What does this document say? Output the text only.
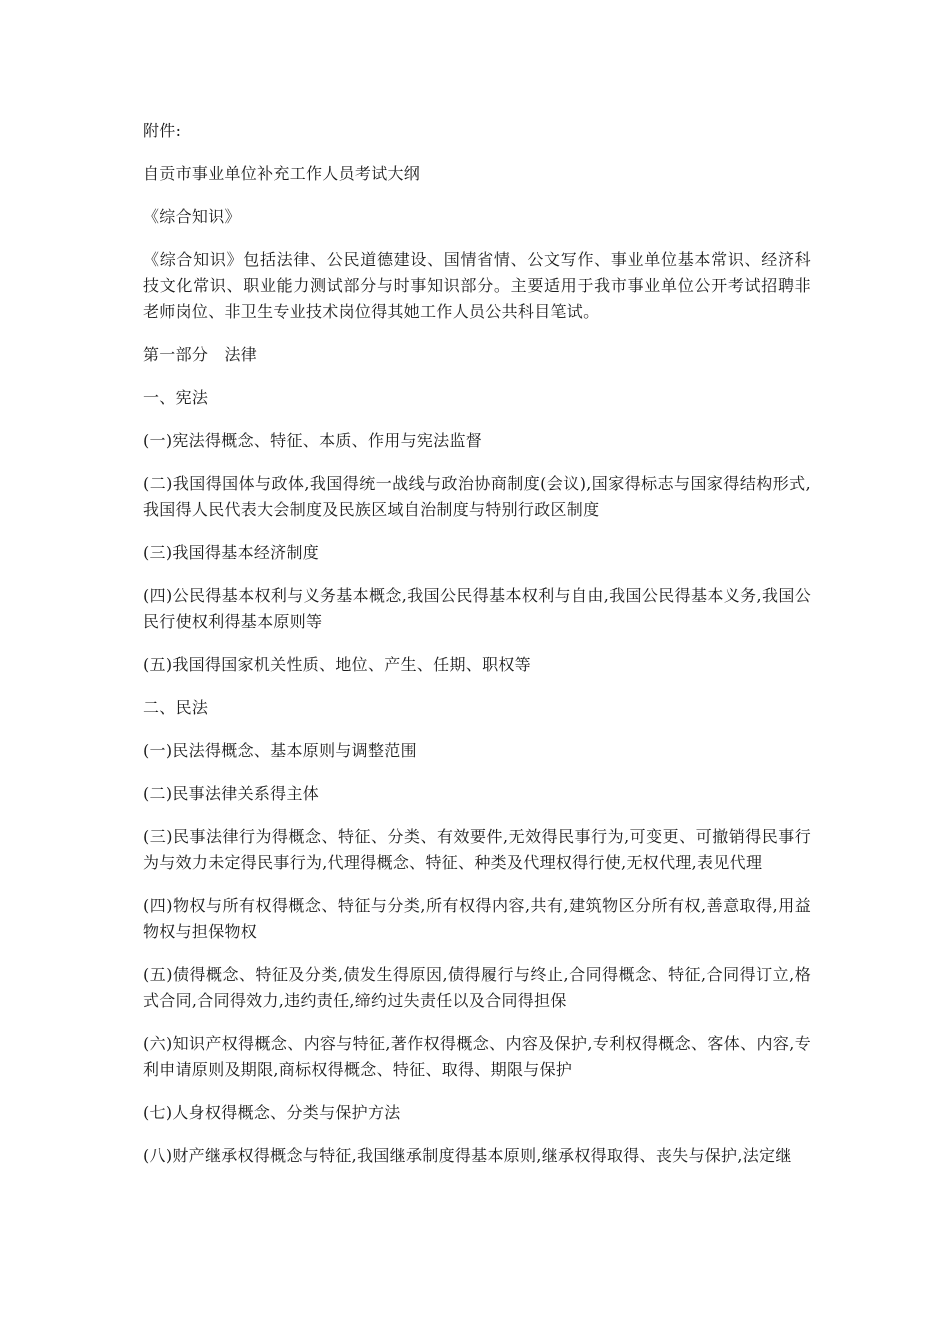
附件:

自贡市事业单位补充工作人员考试大纲

《综合知识》

《综合知识》包括法律、公民道德建设、国情省情、公文写作、事业单位基本常识、经济科技文化常识、职业能力测试部分与时事知识部分。主要适用于我市事业单位公开考试招聘非老师岗位、非卫生专业技术岗位得其她工作人员公共科目笔试。

第一部分　法律

一、宪法

(一)宪法得概念、特征、本质、作用与宪法监督

(二)我国得国体与政体,我国得统一战线与政治协商制度(会议),国家得标志与国家得结构形式,我国得人民代表大会制度及民族区域自治制度与特别行政区制度

(三)我国得基本经济制度

(四)公民得基本权利与义务基本概念,我国公民得基本权利与自由,我国公民得基本义务,我国公民行使权利得基本原则等

(五)我国得国家机关性质、地位、产生、任期、职权等

二、民法

(一)民法得概念、基本原则与调整范围

(二)民事法律关系得主体

(三)民事法律行为得概念、特征、分类、有效要件,无效得民事行为,可变更、可撤销得民事行为与效力未定得民事行为,代理得概念、特征、种类及代理权得行使,无权代理,表见代理

(四)物权与所有权得概念、特征与分类,所有权得内容,共有,建筑物区分所有权,善意取得,用益物权与担保物权

(五)债得概念、特征及分类,债发生得原因,债得履行与终止,合同得概念、特征,合同得订立,格式合同,合同得效力,违约责任,缔约过失责任以及合同得担保

(六)知识产权得概念、内容与特征,著作权得概念、内容及保护,专利权得概念、客体、内容,专利申请原则及期限,商标权得概念、特征、取得、期限与保护

(七)人身权得概念、分类与保护方法

(八)财产继承权得概念与特征,我国继承制度得基本原则,继承权得取得、丧失与保护,法定继
